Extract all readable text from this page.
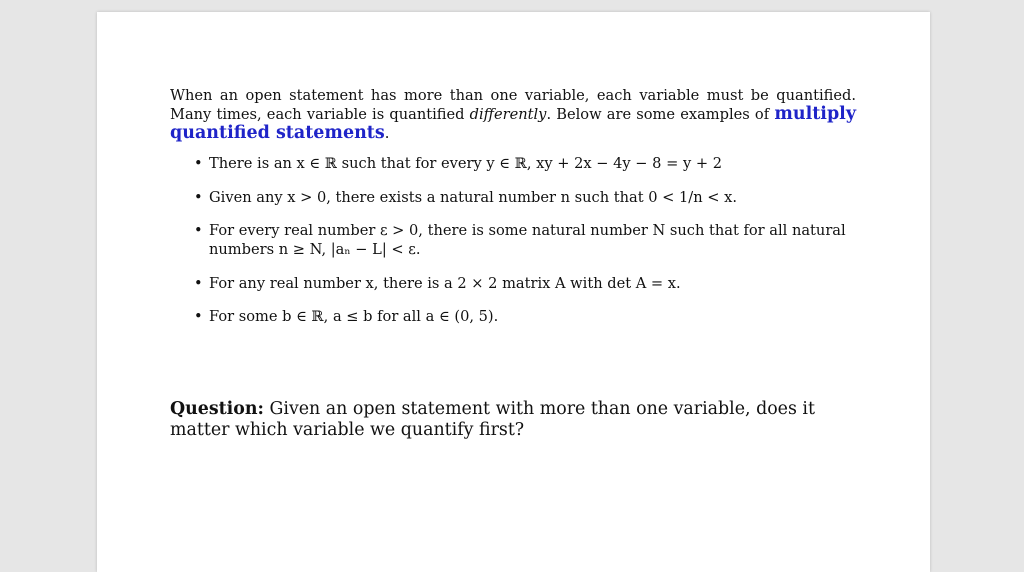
When an open statement has more than one variable, each variable must be quantified. Many times, each variable is quantified differently. Below are some examples of multiply quantified statements.

• There is an x ∈ ℝ such that for every y ∈ ℝ, xy + 2x − 4y − 8 = y + 2
• Given any x > 0, there exists a natural number n such that 0 < 1/n < x.
• For every real number ε > 0, there is some natural number N such that for all natural numbers n ≥ N, |aₙ − L| < ε.
• For any real number x, there is a 2 × 2 matrix A with det A = x.
• For some b ∈ ℝ, a ≤ b for all a ∈ (0, 5).

Question: Given an open statement with more than one variable, does it matter which variable we quantify first?
